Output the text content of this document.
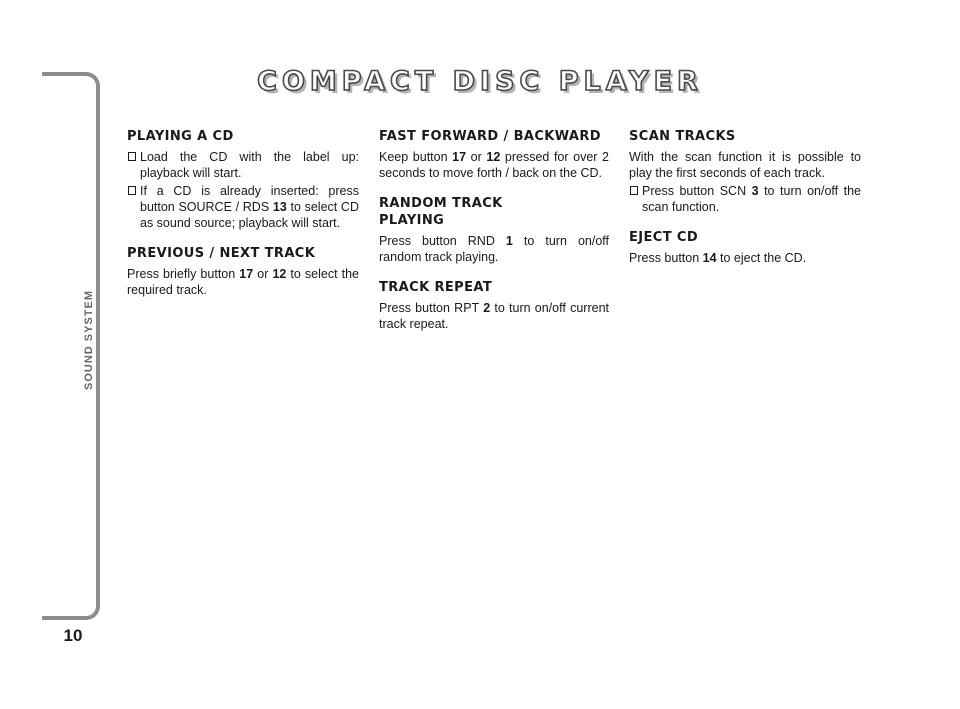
SOUND SYSTEM
10
COMPACT DISC PLAYER
PLAYING A CD

Load the CD with the label up: playback will start.

If a CD is already inserted: press button SOURCE / RDS 13 to select CD as sound source; playback will start.

PREVIOUS / NEXT TRACK

Press briefly button 17 or 12 to select the required track.

FAST FORWARD / BACKWARD

Keep button 17 or 12 pressed for over 2 seconds to move forth / back on the CD.

RANDOM TRACK
PLAYING

Press button RND 1 to turn on/off random track playing.

TRACK REPEAT

Press button RPT 2 to turn on/off current track repeat.

SCAN TRACKS

With the scan function it is possible to play the first seconds of each track.

Press button SCN 3 to turn on/off the scan function.

EJECT CD

Press button 14 to eject the CD.
